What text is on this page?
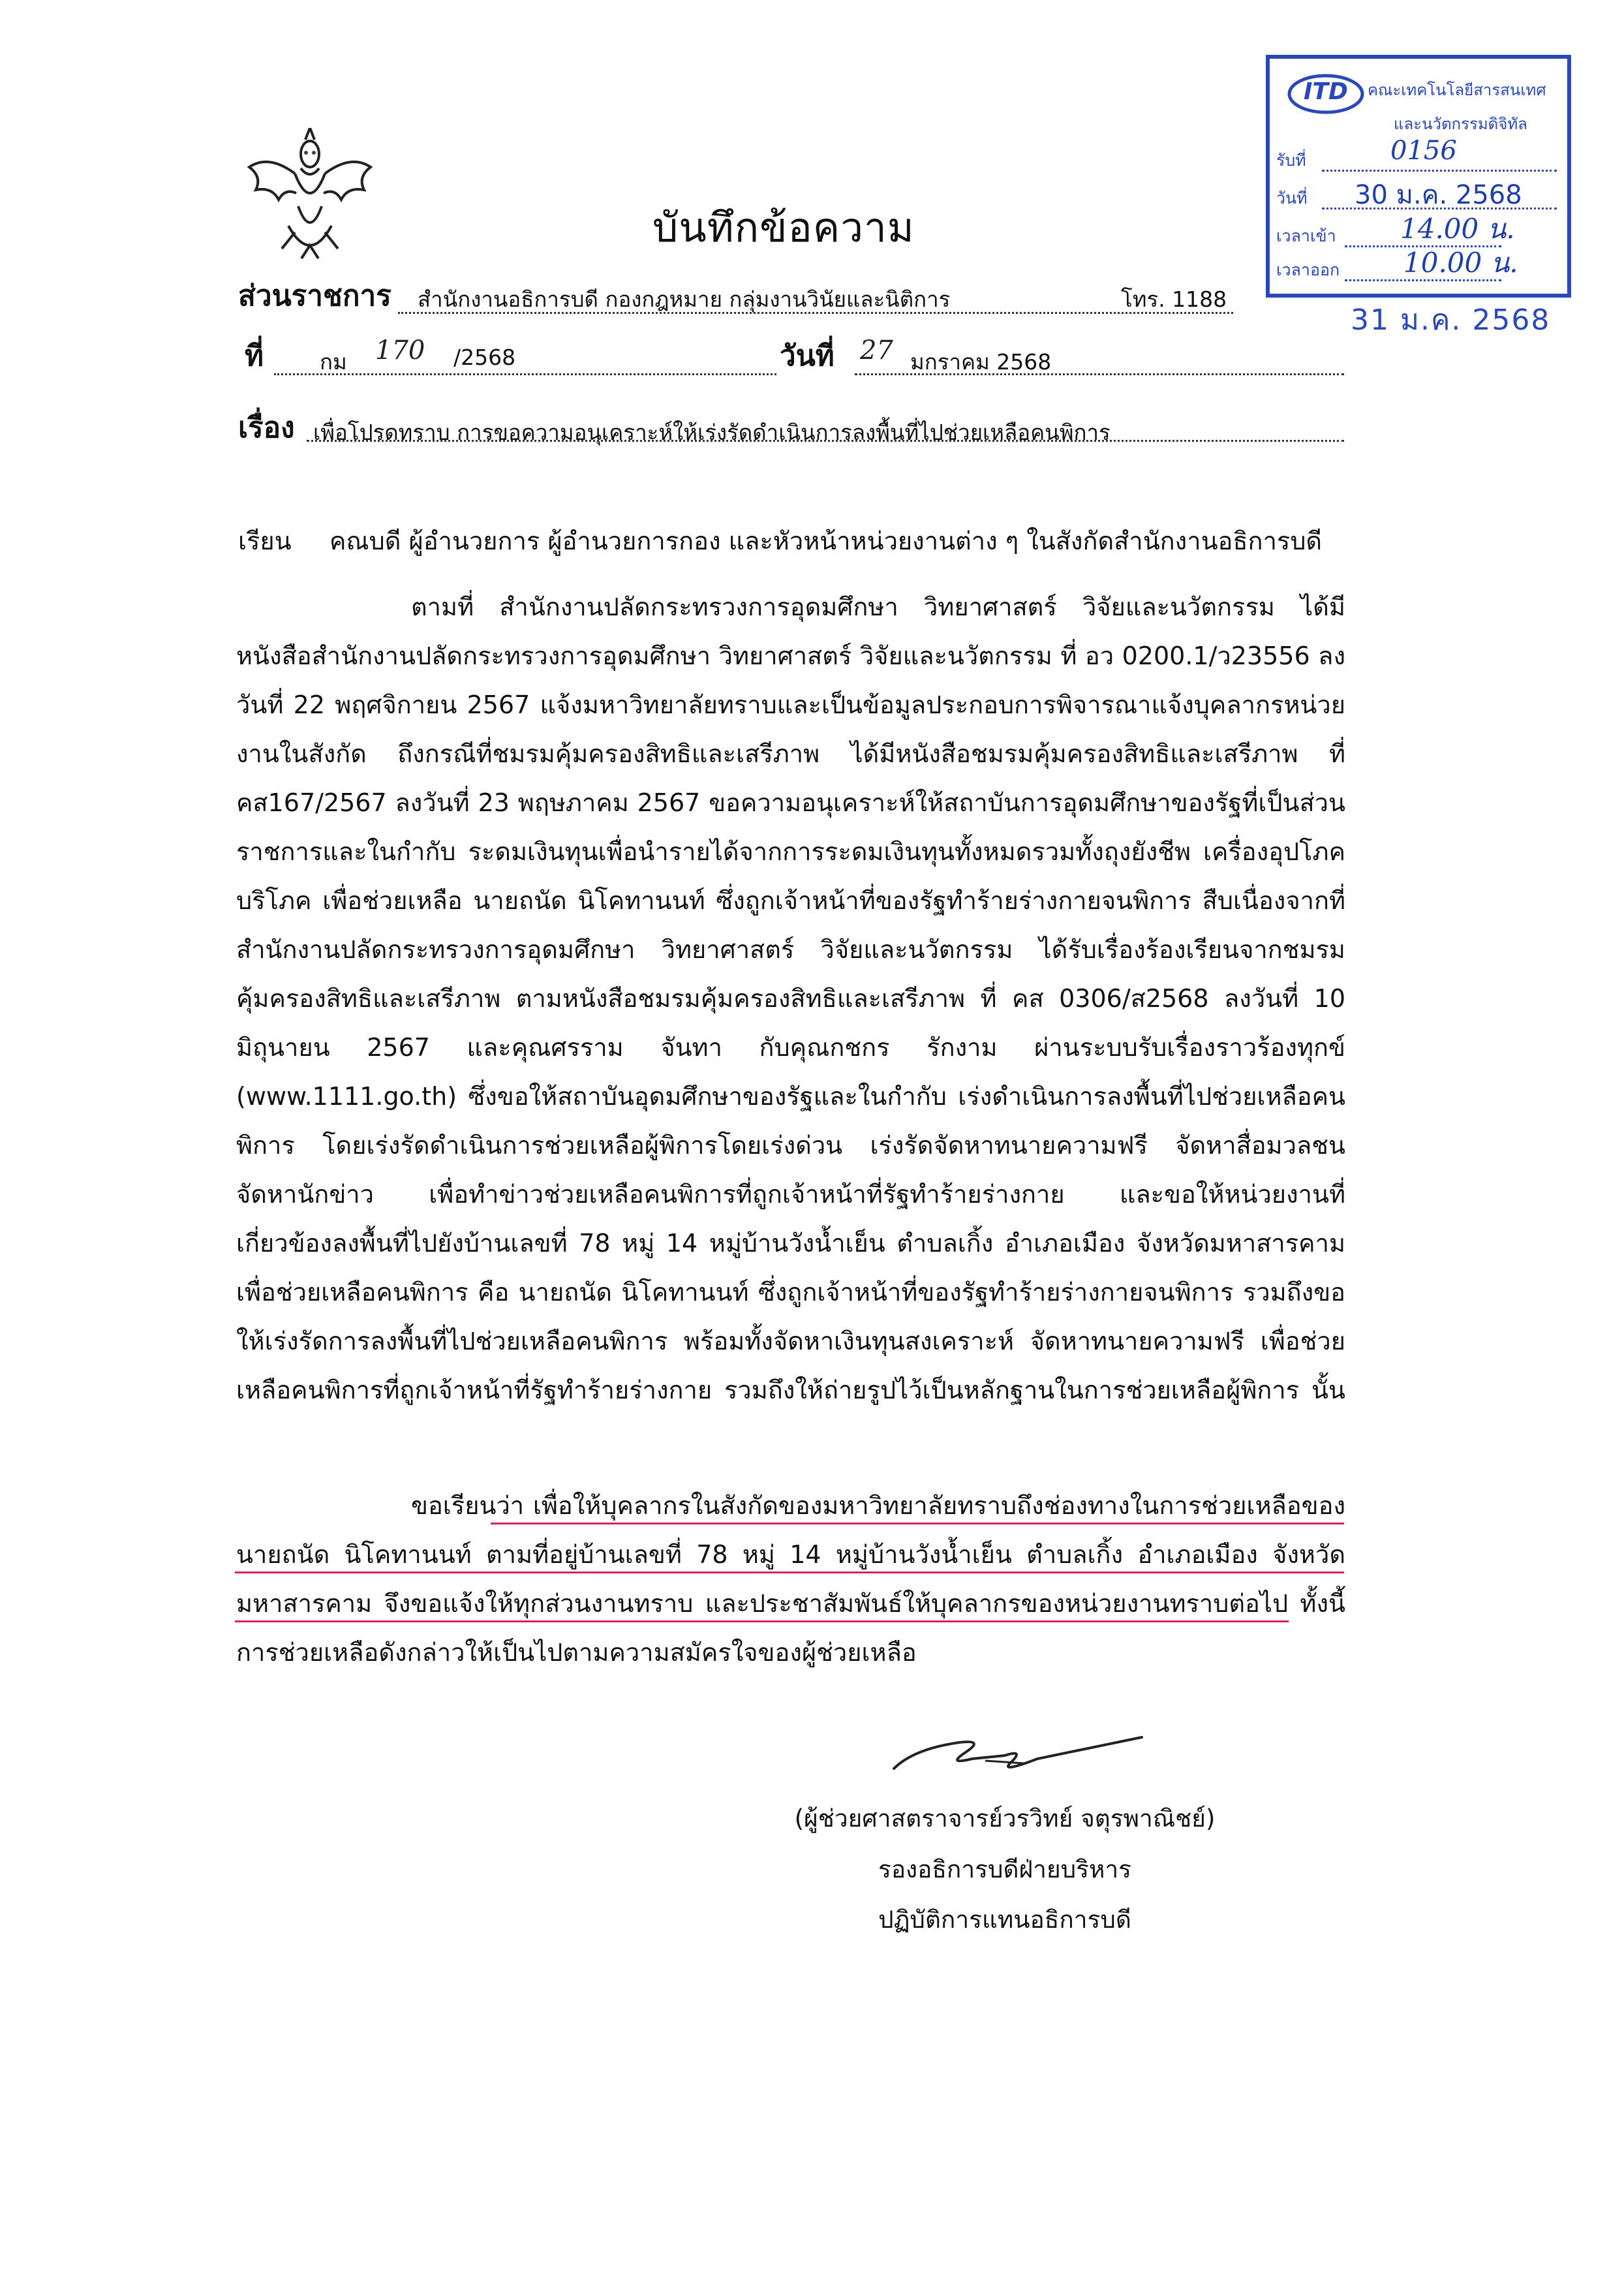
บันทึกข้อความ
ส่วนราชการ สำนักงานอธิการบดี กองกฎหมาย กลุ่มงานวินัยและนิติการ	โทร. 1188
ที่	กม 170 /2568	วันที่ 27 มกราคม 2568
เรื่อง เพื่อโปรดทราบ การขอความอนุเคราะห์ให้เร่งรัดดำเนินการลงพื้นที่ไปช่วยเหลือคนพิการ
เรียน คณบดี ผู้อำนวยการ ผู้อำนวยการกอง และหัวหน้าหน่วยงานต่าง ๆ ในสังกัดสำนักงานอธิการบดี
ตามที่ สำนักงานปลัดกระทรวงการอุดมศึกษา วิทยาศาสตร์ วิจัยและนวัตกรรม ได้มีหนังสือสำนักงานปลัดกระทรวงการอุดมศึกษา วิทยาศาสตร์ วิจัยและนวัตกรรม ที่ อว 0200.1/ว23556 ลงวันที่ 22 พฤศจิกายน 2567 แจ้งมหาวิทยาลัยทราบและเป็นข้อมูลประกอบการพิจารณาแจ้งบุคลากรหน่วยงานในสังกัด ถึงกรณีที่ชมรมคุ้มครองสิทธิและเสรีภาพ ได้มีหนังสือชมรมคุ้มครองสิทธิและเสรีภาพ ที่ คส167/2567 ลงวันที่ 23 พฤษภาคม 2567 ขอความอนุเคราะห์ให้สถาบันการอุดมศึกษาของรัฐที่เป็นส่วนราชการและในกำกับ ระดมเงินทุนเพื่อนำรายได้จากการระดมเงินทุนทั้งหมดรวมทั้งถุงยังชีพ เครื่องอุปโภค บริโภค เพื่อช่วยเหลือ นายถนัด นิโคทานนท์ ซึ่งถูกเจ้าหน้าที่ของรัฐทำร้ายร่างกายจนพิการ สืบเนื่องจากที่สำนักงานปลัดกระทรวงการอุดมศึกษา วิทยาศาสตร์ วิจัยและนวัตกรรม ได้รับเรื่องร้องเรียนจากชมรมคุ้มครองสิทธิและเสรีภาพ ตามหนังสือชมรมคุ้มครองสิทธิและเสรีภาพ ที่ คส 0306/ส2568 ลงวันที่ 10 มิถุนายน 2567 และคุณศรราม จันทา กับคุณกชกร รักงาม ผ่านระบบรับเรื่องราวร้องทุกข์ (www.1111.go.th) ซึ่งขอให้สถาบันอุดมศึกษาของรัฐและในกำกับ เร่งดำเนินการลงพื้นที่ไปช่วยเหลือคนพิการ โดยเร่งรัดดำเนินการช่วยเหลือผู้พิการโดยเร่งด่วน เร่งรัดจัดหาทนายความฟรี จัดหาสื่อมวลชน จัดหานักข่าว เพื่อทำข่าวช่วยเหลือคนพิการที่ถูกเจ้าหน้าที่รัฐทำร้ายร่างกาย และขอให้หน่วยงานที่เกี่ยวข้องลงพื้นที่ไปยังบ้านเลขที่ 78 หมู่ 14 หมู่บ้านวังน้ำเย็น ตำบลเกิ้ง อำเภอเมือง จังหวัดมหาสารคาม เพื่อช่วยเหลือคนพิการ คือ นายถนัด นิโคทานนท์ ซึ่งถูกเจ้าหน้าที่ของรัฐทำร้ายร่างกายจนพิการ รวมถึงขอให้เร่งรัดการลงพื้นที่ไปช่วยเหลือคนพิการ พร้อมทั้งจัดหาเงินทุนสงเคราะห์ จัดหาทนายความฟรี เพื่อช่วยเหลือคนพิการที่ถูกเจ้าหน้าที่รัฐทำร้ายร่างกาย รวมถึงให้ถ่ายรูปไว้เป็นหลักฐานในการช่วยเหลือผู้พิการ นั้น
ขอเรียนว่า เพื่อให้บุคลากรในสังกัดของมหาวิทยาลัยทราบถึงช่องทางในการช่วยเหลือของ นายถนัด นิโคทานนท์ ตามที่อยู่บ้านเลขที่ 78 หมู่ 14 หมู่บ้านวังน้ำเย็น ตำบลเกิ้ง อำเภอเมือง จังหวัดมหาสารคาม จึงขอแจ้งให้ทุกส่วนงานทราบ และประชาสัมพันธ์ให้บุคลากรของหน่วยงานทราบต่อไป ทั้งนี้การช่วยเหลือดังกล่าวให้เป็นไปตามความสมัครใจของผู้ช่วยเหลือ
(ผู้ช่วยศาสตราจารย์วรวิทย์ จตุรพาณิชย์)
รองอธิการบดีฝ่ายบริหาร
ปฏิบัติการแทนอธิการบดี
ITD คณะเทคโนโลยีสารสนเทศ
และนวัตกรรมดิจิทัล
รับที่	0156
วันที่ 30 ม.ค. 2568
เวลาเข้า 14.00 น.
เวลาออก 10.00 น.
31 ม.ค. 2568
